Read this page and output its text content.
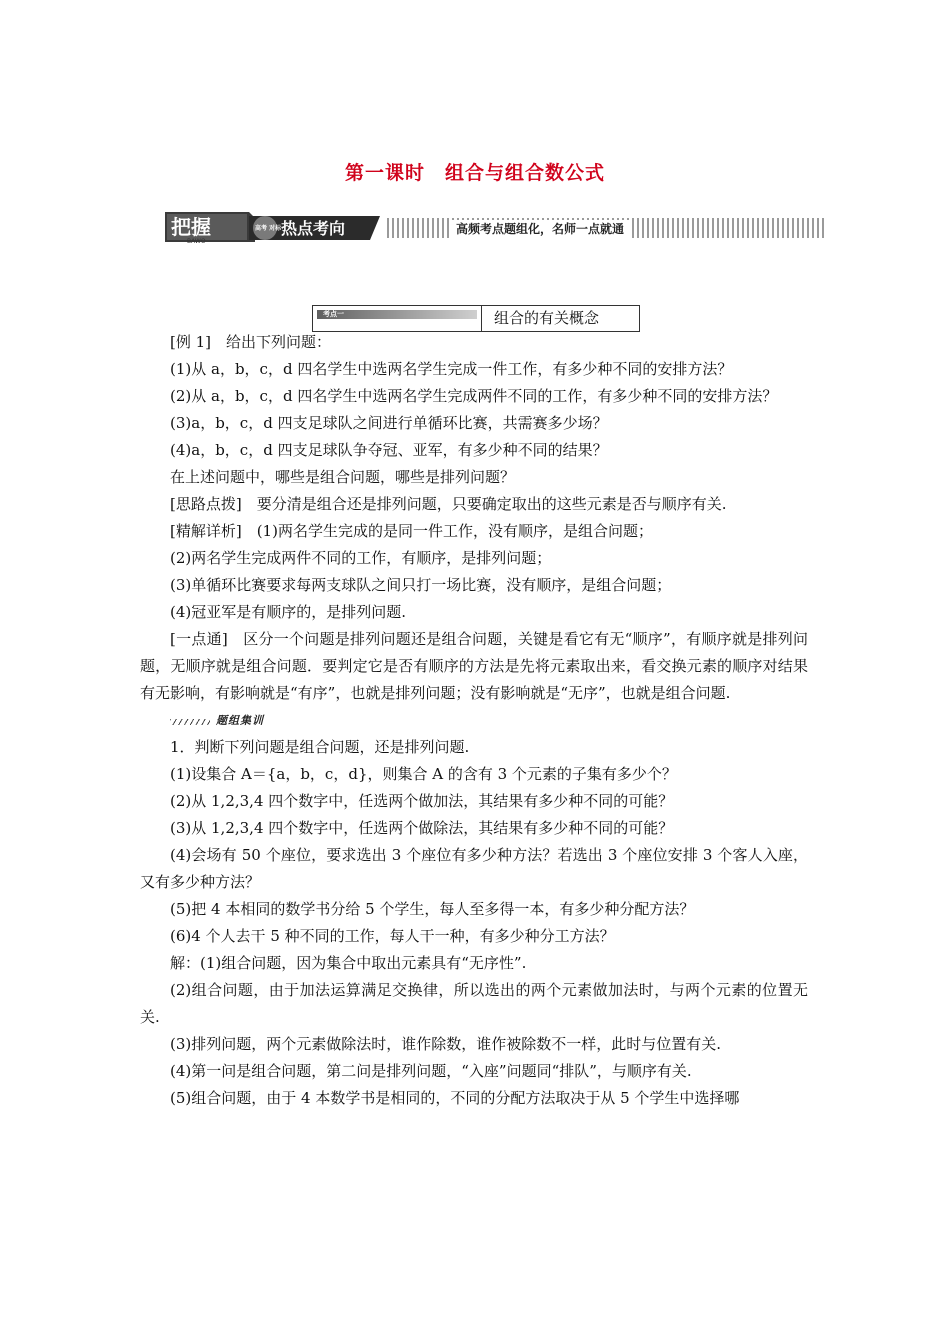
第一课时　组合与组合数公式
把握
BAWO
高考 对标 热点考向	高频考点题组化，名师一点就通
考点一	组合的有关概念

[例 1]　给出下列问题：

(1)从 a，b，c，d 四名学生中选两名学生完成一件工作，有多少种不同的安排方法？

(2)从 a，b，c，d 四名学生中选两名学生完成两件不同的工作，有多少种不同的安排方法？

(3)a，b，c，d 四支足球队之间进行单循环比赛，共需赛多少场？

(4)a，b，c，d 四支足球队争夺冠、亚军，有多少种不同的结果？

在上述问题中，哪些是组合问题，哪些是排列问题？

[思路点拨]　要分清是组合还是排列问题，只要确定取出的这些元素是否与顺序有关.

[精解详析]　(1)两名学生完成的是同一件工作，没有顺序，是组合问题；

(2)两名学生完成两件不同的工作，有顺序，是排列问题；

(3)单循环比赛要求每两支球队之间只打一场比赛，没有顺序，是组合问题；

(4)冠亚军是有顺序的，是排列问题.

[一点通]　区分一个问题是排列问题还是组合问题，关键是看它有无“顺序”，有顺序就是排列问题，无顺序就是组合问题．要判定它是否有顺序的方法是先将元素取出来，看交换元素的顺序对结果有无影响，有影响就是“有序”，也就是排列问题；没有影响就是“无序”，也就是组合问题.

题组集训

1．判断下列问题是组合问题，还是排列问题.

(1)设集合 A＝{a，b，c，d}，则集合 A 的含有 3 个元素的子集有多少个？

(2)从 1,2,3,4 四个数字中，任选两个做加法，其结果有多少种不同的可能？

(3)从 1,2,3,4 四个数字中，任选两个做除法，其结果有多少种不同的可能？

(4)会场有 50 个座位，要求选出 3 个座位有多少种方法？若选出 3 个座位安排 3 个客人入座，又有多少种方法？

(5)把 4 本相同的数学书分给 5 个学生，每人至多得一本，有多少种分配方法？

(6)4 个人去干 5 种不同的工作，每人干一种，有多少种分工方法？

解：(1)组合问题，因为集合中取出元素具有“无序性”.

(2)组合问题，由于加法运算满足交换律，所以选出的两个元素做加法时，与两个元素的位置无关.

(3)排列问题，两个元素做除法时，谁作除数，谁作被除数不一样，此时与位置有关.

(4)第一问是组合问题，第二问是排列问题，“入座”问题同“排队”，与顺序有关.

(5)组合问题，由于 4 本数学书是相同的，不同的分配方法取决于从 5 个学生中选择哪
